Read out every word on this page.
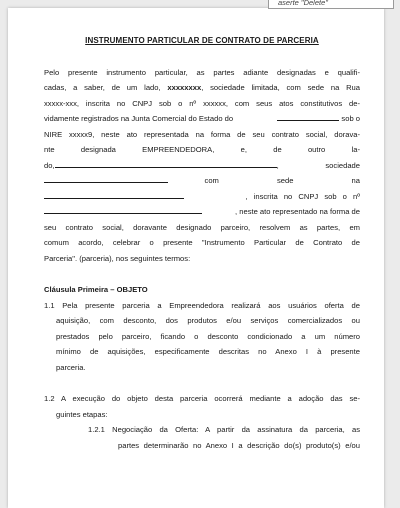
INSTRUMENTO PARTICULAR DE CONTRATO DE PARCERIA
Pelo presente instrumento particular, as partes adiante designadas e qualifi-
cadas, a saber, de um lado, xxxxxxxx, sociedade limitada, com sede na Rua
xxxxx-xxx, inscrita no CNPJ sob o nº xxxxxx, com seus atos constitutivos de-
vidamente registrados na Junta Comercial do Estado do	sob o
NIRE xxxxx9, neste ato representada na forma de seu contrato social, dorava-
nte designada EMPREENDEDORA, e, de outro la-
do,	,	sociedade
com sede na
, inscrita no CNPJ sob o nº
, neste ato representado na forma de
seu contrato social, doravante designado parceiro, resolvem as partes, em
comum acordo, celebrar o presente "Instrumento Particular de Contrato de
Parceria". (parceria), nos seguintes termos:
Cláusula Primeira – OBJETO
1.1 Pela presente parceria a Empreendedora realizará aos usuários oferta de
aquisição, com desconto, dos produtos e/ou serviços comercializados ou
prestados pelo parceiro, ficando o desconto condicionado a um número
mínimo de aquisições, especificamente descritas no Anexo I à presente
parceria.
1.2 A execução do objeto desta parceria ocorrerá mediante a adoção das se-
guintes etapas:
1.2.1 Negociação da Oferta: A partir da assinatura da parceria, as
partes determinarão no Anexo I a descrição do(s) produto(s) e/ou
aserte "Delete"
